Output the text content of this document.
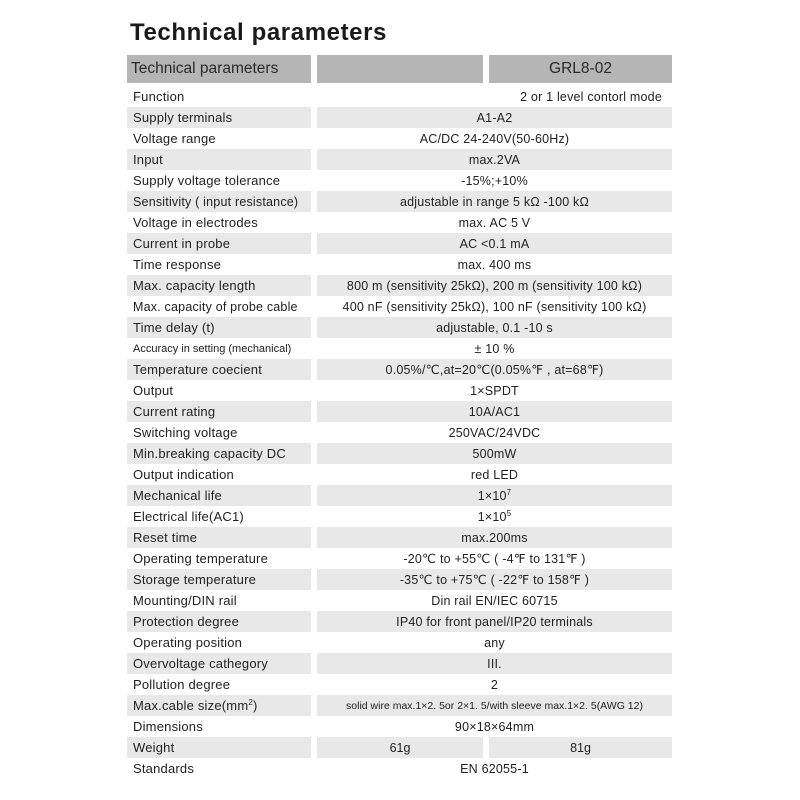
Technical parameters
Technical parameters	GRL8-02
Function	2 or 1 level contorl mode
Supply terminals	A1-A2
Voltage range	AC/DC 24-240V(50-60Hz)
Input	max.2VA
Supply voltage tolerance	-15%;+10%
Sensitivity ( input resistance)	adjustable in range 5 kΩ -100 kΩ
Voltage in electrodes	max. AC 5 V
Current in probe	AC <0.1 mA
Time response	max. 400 ms
Max. capacity length	800 m (sensitivity 25kΩ), 200 m (sensitivity 100 kΩ)
Max. capacity of probe cable	400 nF (sensitivity 25kΩ), 100 nF (sensitivity 100 kΩ)
Time delay (t)	adjustable, 0.1 -10 s
Accuracy in setting (mechanical)	± 10 %
Temperature coecient	0.05%/℃,at=20℃(0.05%℉ , at=68℉)
Output	1×SPDT
Current rating	10A/AC1
Switching voltage	250VAC/24VDC
Min.breaking capacity DC	500mW
Output indication	red LED
Mechanical life	1×10 7
Electrical life(AC1)	1×10 5
Reset time	max.200ms
Operating temperature	-20℃ to +55℃ ( -4℉ to 131℉ )
Storage temperature	-35℃ to +75℃ ( -22℉ to 158℉ )
Mounting/DIN rail	Din rail EN/IEC 60715
Protection degree	IP40 for front panel/IP20 terminals
Operating position	any
Overvoltage cathegory	III.
Pollution degree	2
Max.cable size(mm 2 )	solid wire max.1×2. 5or 2×1. 5/with sleeve max.1×2. 5(AWG 12)
Dimensions	90×18×64mm
Weight	61g	81g
Standards	EN 62055-1
